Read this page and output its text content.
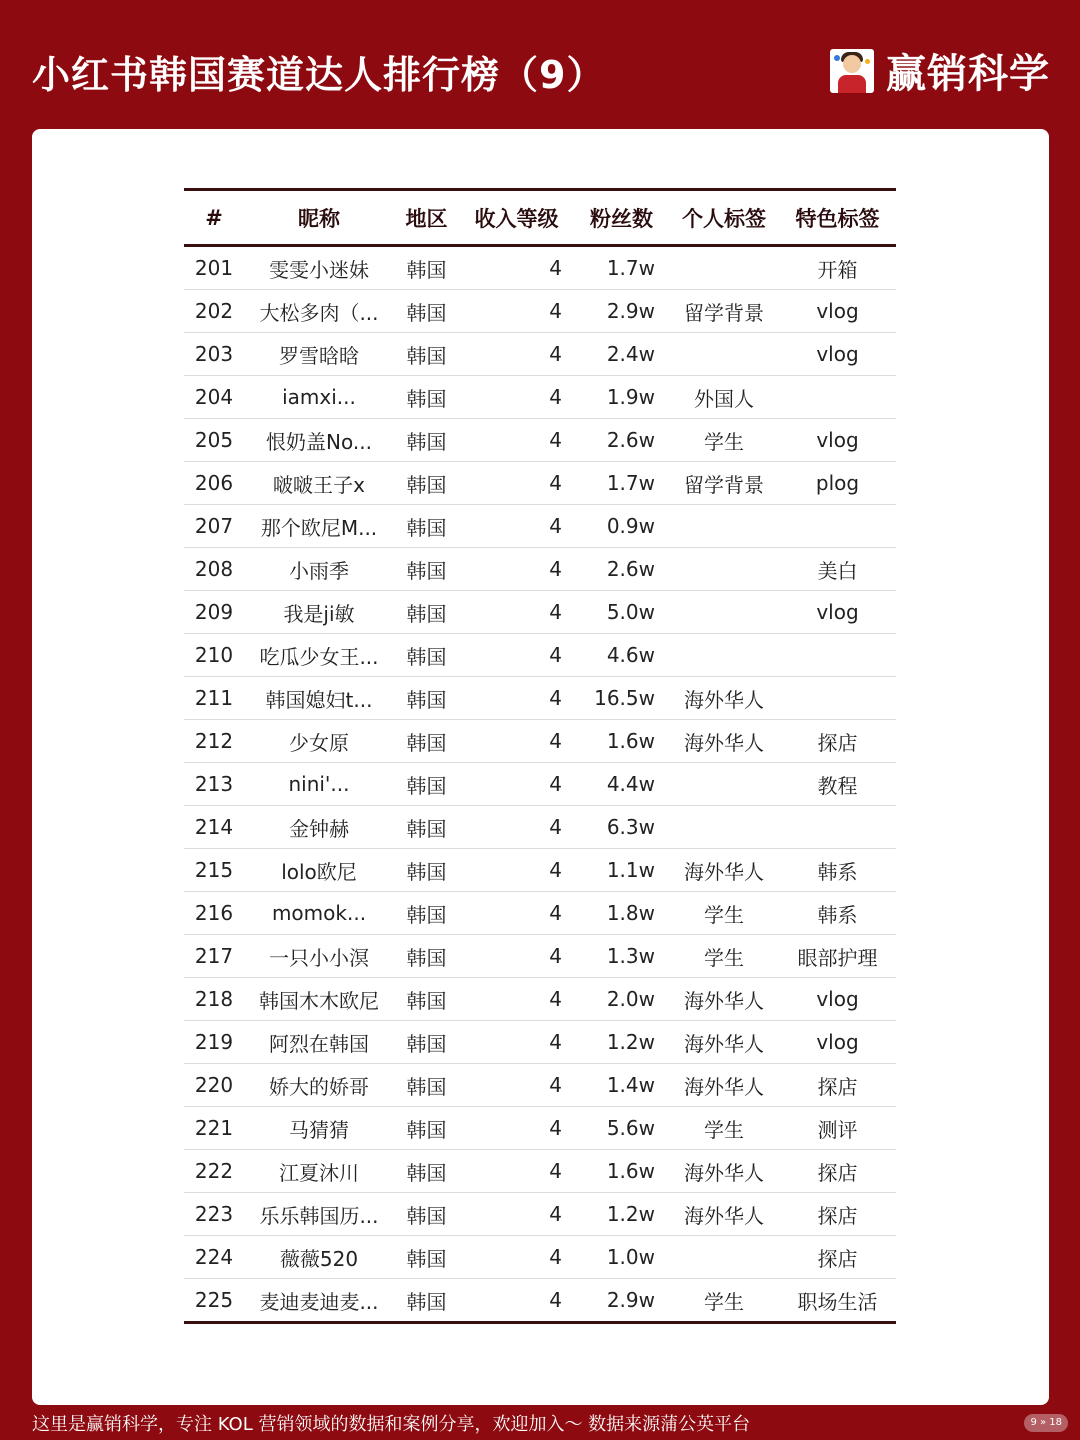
小红书韩国赛道达人排行榜（9）	赢销科学
#	昵称	地区	收入等级	粉丝数	个人标签	特色标签
201	雯雯小迷妹	韩国	4	1.7w		开箱
202	大松多肉（...	韩国	4	2.9w	留学背景	vlog
203	罗雪晗晗	韩国	4	2.4w		vlog
204	iamxi...	韩国	4	1.9w	外国人	
205	恨奶盖No...	韩国	4	2.6w	学生	vlog
206	啵啵王子x	韩国	4	1.7w	留学背景	plog
207	那个欧尼M...	韩国	4	0.9w		
208	小雨季	韩国	4	2.6w		美白
209	我是ji敏	韩国	4	5.0w		vlog
210	吃瓜少女王...	韩国	4	4.6w		
211	韩国媳妇t...	韩国	4	16.5w	海外华人	
212	少女原	韩国	4	1.6w	海外华人	探店
213	nini'...	韩国	4	4.4w		教程
214	金钟赫	韩国	4	6.3w		
215	lolo欧尼	韩国	4	1.1w	海外华人	韩系
216	momok...	韩国	4	1.8w	学生	韩系
217	一只小小溟	韩国	4	1.3w	学生	眼部护理
218	韩国木木欧尼	韩国	4	2.0w	海外华人	vlog
219	阿烈在韩国	韩国	4	1.2w	海外华人	vlog
220	娇大的娇哥	韩国	4	1.4w	海外华人	探店
221	马猜猜	韩国	4	5.6w	学生	测评
222	江夏沐川	韩国	4	1.6w	海外华人	探店
223	乐乐韩国历...	韩国	4	1.2w	海外华人	探店
224	薇薇520	韩国	4	1.0w		探店
225	麦迪麦迪麦...	韩国	4	2.9w	学生	职场生活
这里是赢销科学，专注 KOL 营销领域的数据和案例分享，欢迎加入～ 数据来源蒲公英平台	9 » 18
